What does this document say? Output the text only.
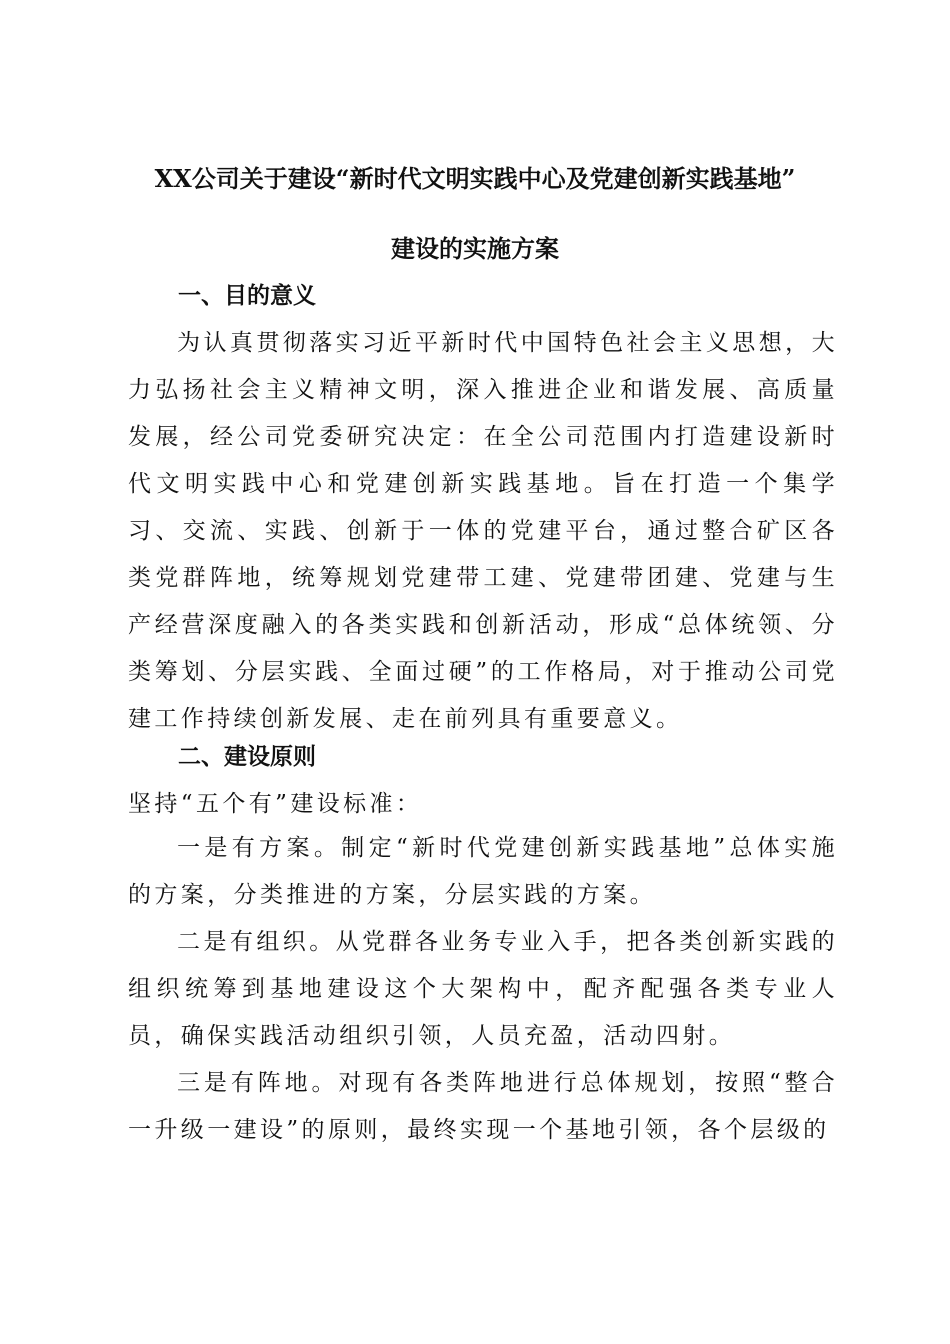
XX公司关于建设“新时代文明实践中心及党建创新实践基地”
建设的实施方案
一、目的意义

为认真贯彻落实习近平新时代中国特色社会主义思想，大力弘扬社会主义精神文明，深入推进企业和谐发展、高质量发展，经公司党委研究决定：在全公司范围内打造建设新时代文明实践中心和党建创新实践基地。旨在打造一个集学习、交流、实践、创新于一体的党建平台，通过整合矿区各类党群阵地，统筹规划党建带工建、党建带团建、党建与生产经营深度融入的各类实践和创新活动，形成“总体统领、分类筹划、分层实践、全面过硬”的工作格局，对于推动公司党建工作持续创新发展、走在前列具有重要意义。

二、建设原则
坚持“五个有”建设标准：

一是有方案。制定“新时代党建创新实践基地”总体实施的方案，分类推进的方案，分层实践的方案。

二是有组织。从党群各业务专业入手，把各类创新实践的组织统筹到基地建设这个大架构中，配齐配强各类专业人员，确保实践活动组织引领，人员充盈，活动四射。

三是有阵地。对现有各类阵地进行总体规划，按照“整合一升级一建设”的原则，最终实现一个基地引领，各个层级的
